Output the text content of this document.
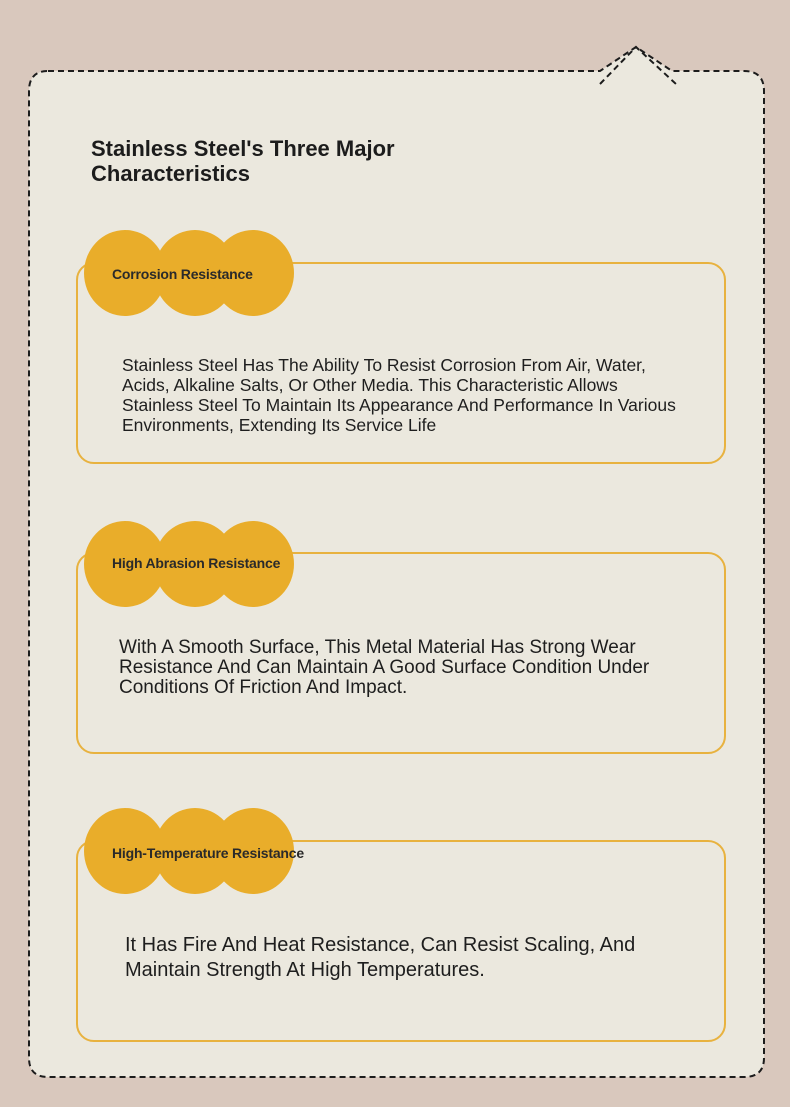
Stainless Steel's Three Major Characteristics
Corrosion Resistance

Stainless Steel Has The Ability To Resist Corrosion From Air, Water, Acids, Alkaline Salts, Or Other Media. This Characteristic Allows Stainless Steel To Maintain Its Appearance And Performance In Various Environments, Extending Its Service Life

High Abrasion Resistance

With A Smooth Surface, This Metal Material Has Strong Wear Resistance And Can Maintain A Good Surface Condition Under Conditions Of Friction And Impact.

High-Temperature Resistance

It Has Fire And Heat Resistance, Can Resist Scaling, And Maintain Strength At High Temperatures.
